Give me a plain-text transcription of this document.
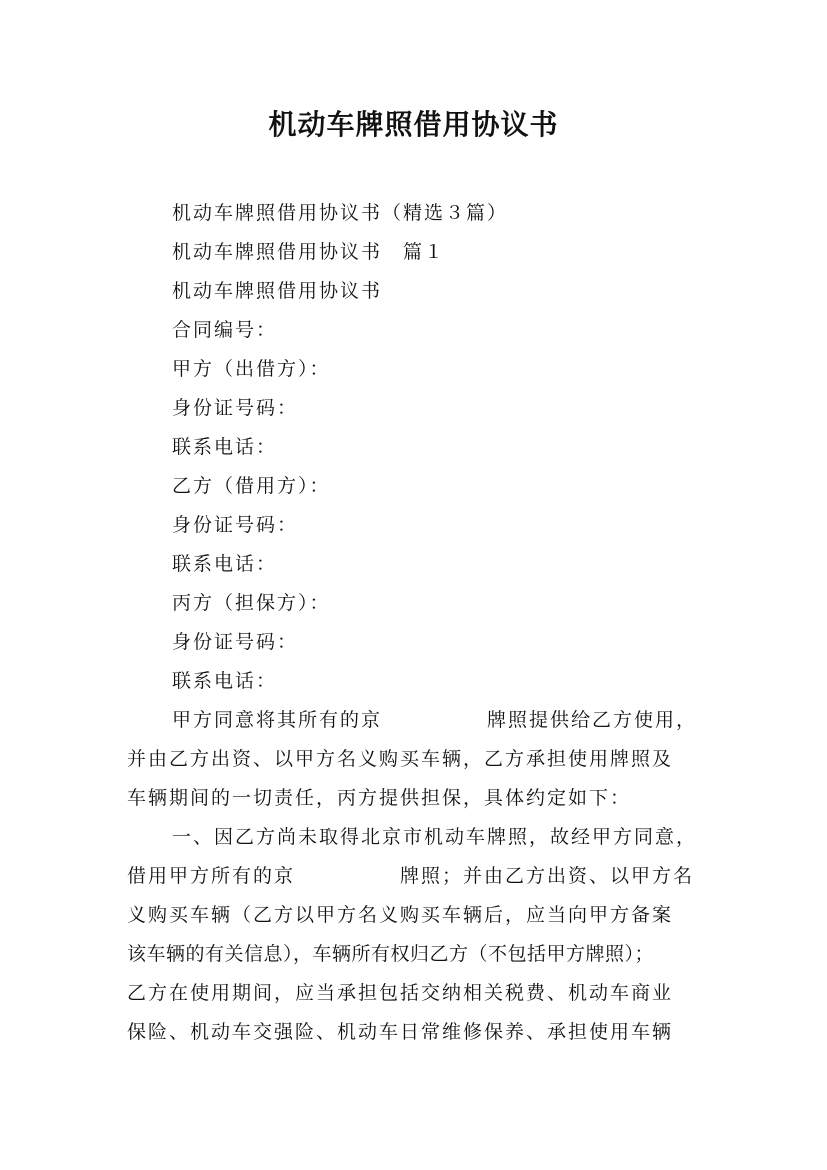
机动车牌照借用协议书
机动车牌照借用协议书（精选３篇）
机动车牌照借用协议书　篇１
机动车牌照借用协议书
合同编号：
甲方（出借方）：
身份证号码：
联系电话：
乙方（借用方）：
身份证号码：
联系电话：
丙方（担保方）：
身份证号码：
联系电话：
甲方同意将其所有的京　　　　　牌照提供给乙方使用，
并由乙方出资、以甲方名义购买车辆，乙方承担使用牌照及
车辆期间的一切责任，丙方提供担保，具体约定如下：
一、因乙方尚未取得北京市机动车牌照，故经甲方同意，
借用甲方所有的京　　　　　牌照；并由乙方出资、以甲方名
义购买车辆（乙方以甲方名义购买车辆后，应当向甲方备案
该车辆的有关信息），车辆所有权归乙方（不包括甲方牌照）；
乙方在使用期间，应当承担包括交纳相关税费、机动车商业
保险、机动车交强险、机动车日常维修保养、承担使用车辆
